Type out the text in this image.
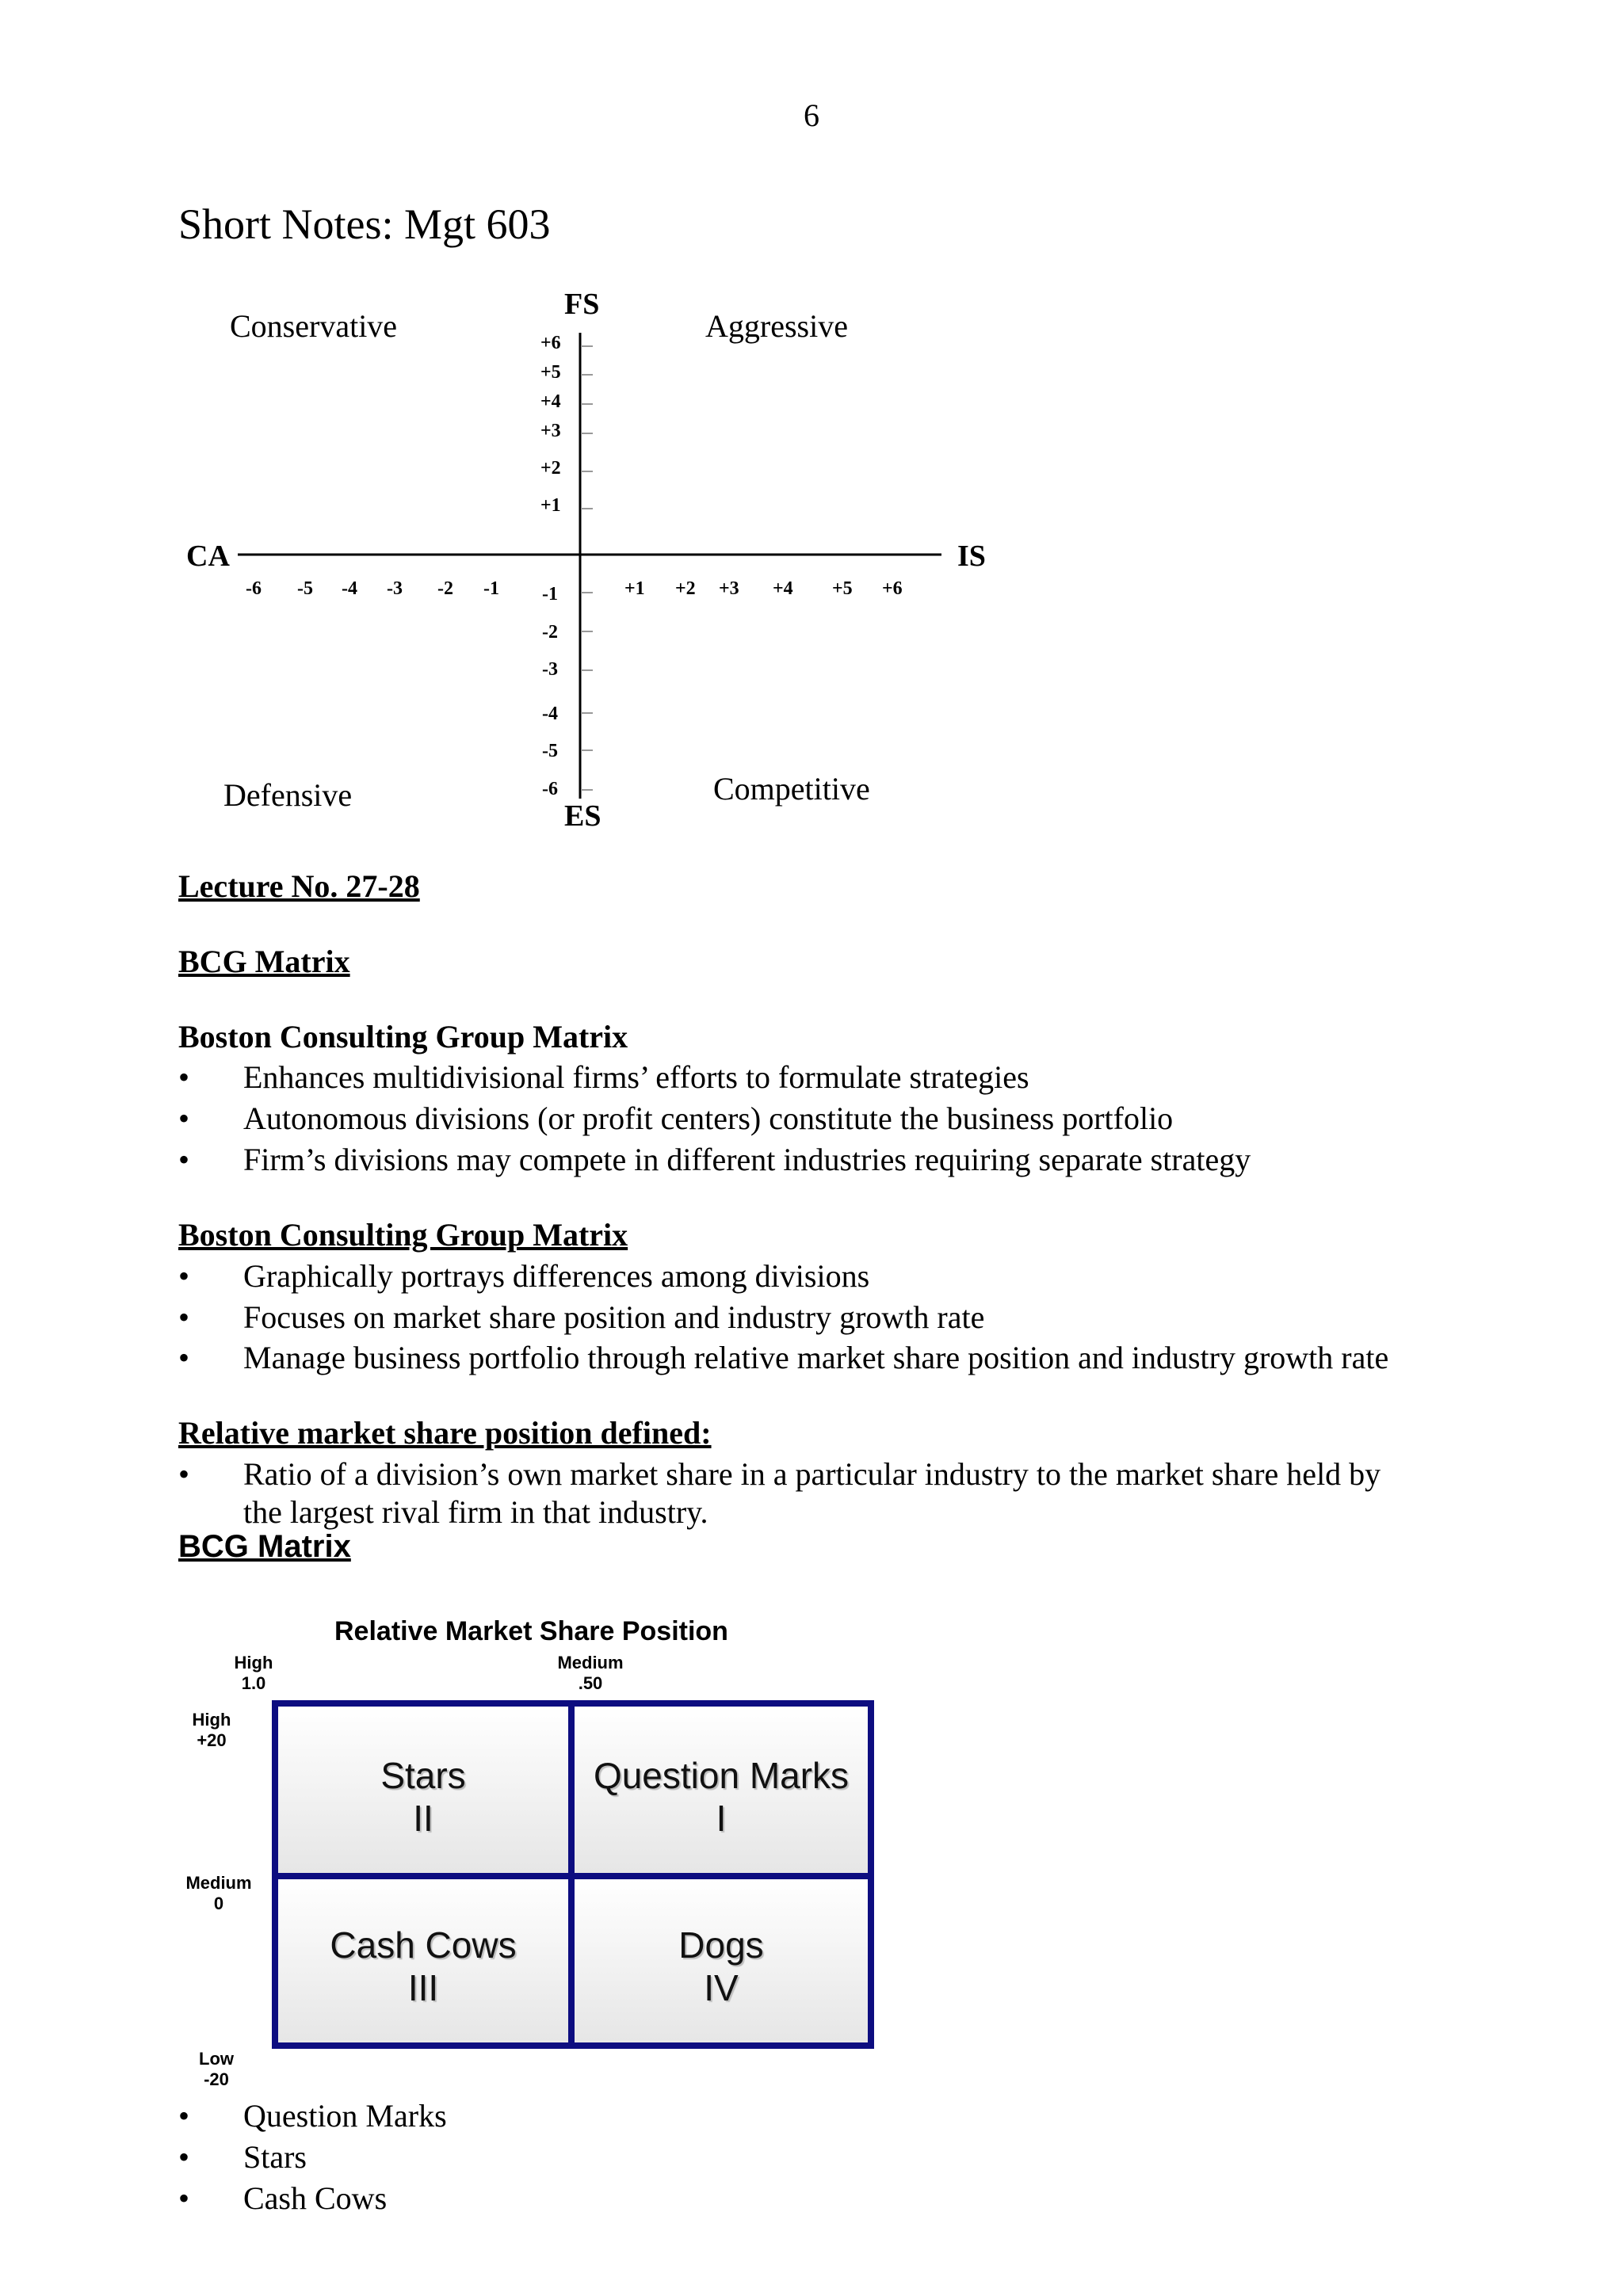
6
Short Notes: Mgt 603
Conservative	Aggressive
Defensive	Competitive
FS
ES
CA	IS
+6
+5
+4
+3
+2
+1
-1
-2
-3
-4
-5
-6
-6 -5 -4 -3 -2 -1	+1 +2 +3 +4 +5 +6
Lecture No. 27-28
BCG Matrix
Boston Consulting Group Matrix
• Enhances multidivisional firms’ efforts to formulate strategies
• Autonomous divisions (or profit centers) constitute the business portfolio
• Firm’s divisions may compete in different industries requiring separate strategy
Boston Consulting Group Matrix
• Graphically portrays differences among divisions
• Focuses on market share position and industry growth rate
• Manage business portfolio through relative market share position and industry growth rate
Relative market share position defined:
• Ratio of a division’s own market share in a particular industry to the market share held by
the largest rival firm in that industry.
BCG Matrix
Relative Market Share Position
High
1.0
Medium
.50
High
+20
Medium
0
Low
-20
Stars
II
Question Marks
I
Cash Cows
III
Dogs
IV
• Question Marks
• Stars
• Cash Cows
